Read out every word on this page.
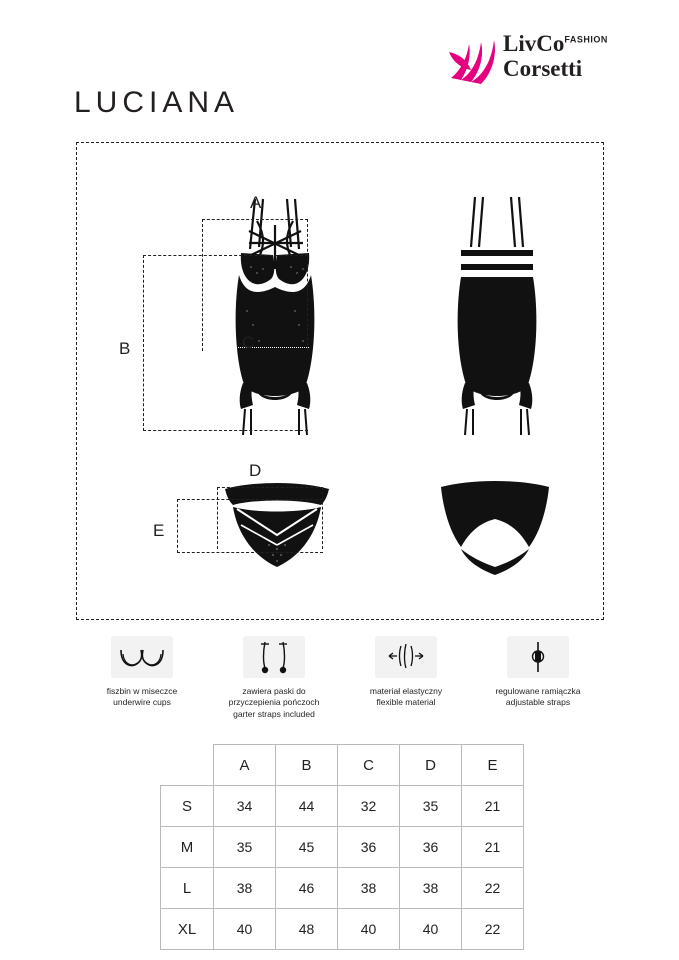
LivCo$^{FASHION}$
Corsetti
LUCIANA
A
B	C
D
E
fiszbin w miseczce
underwire cups
zawiera paski do
przyczepienia pończoch
garter straps included
materiał elastyczny
flexible material
regulowane ramiączka
adjustable straps
	A	B	C	D	E
S	34	44	32	35	21
M	35	45	36	36	21
L	38	46	38	38	22
XL	40	48	40	40	22
